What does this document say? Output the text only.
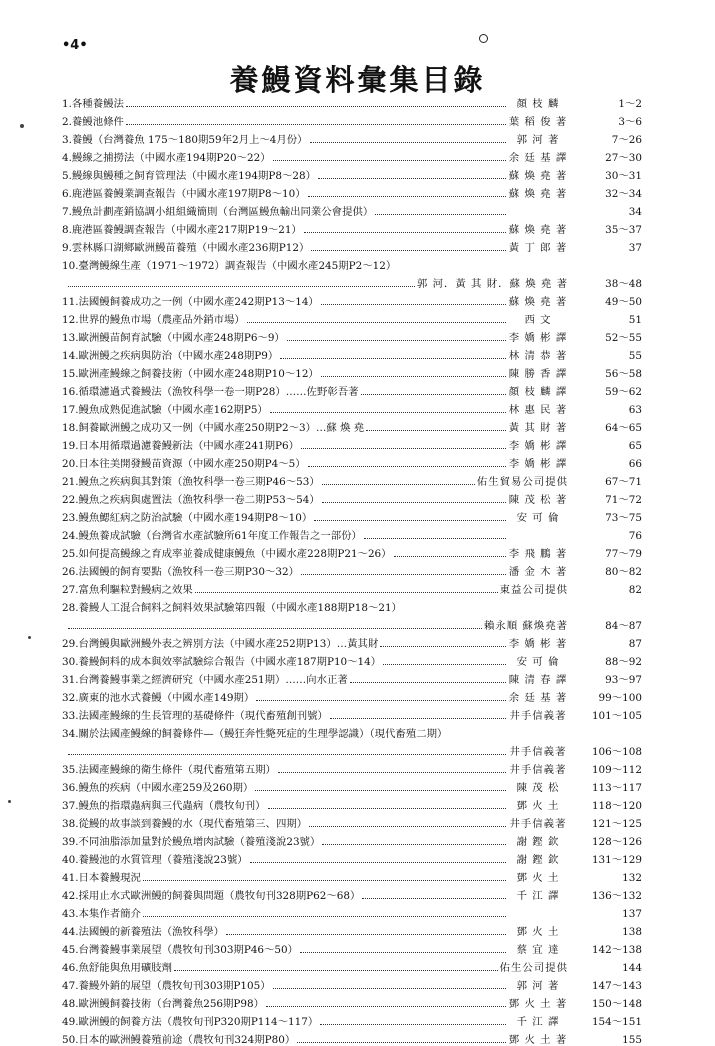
•4•
養鰻資料彙集目錄
1.各種養鰻法	顏 枝 麟	1～2
2.養鰻池條件	葉 稻 俊 著	3～6
3.養鰻（台灣養魚 175～180期59年2月上～4月份）	郭 河 著	7～26
4.鰻線之捕撈法（中國水產194期P20～22）	余 廷 基 譯	27～30
5.鰻線與鰻種之飼育管理法（中國水產194期P8～28）	蘇 煥 堯 著	30～31
6.鹿港區養鰻業調查報告（中國水產197期P8～10）	蘇 煥 堯 著	32～34
7.鰻魚計劃產銷協調小組組織簡則（台灣區鰻魚輸出同業公會提供）	34
8.鹿港區養鰻調查報告（中國水產217期P19～21）	蘇 煥 堯 著	35～37
9.雲林縣口湖鄉歐洲鰻苗養殖（中國水產236期P12）	黃 丁 郎 著	37
10.臺灣鰻線生產（1971～1972）調查報告（中國水產245期P2～12）
郭 河．黃 其 財．蘇 煥 堯 著	38～48
11.法國鰻飼養成功之一例（中國水產242期P13～14）	蘇 煥 堯 著	49～50
12.世界的鰻魚市場（農產品外銷市場）	西 文	51
13.歐洲鰻苗飼育試驗（中國水產248期P6～9）	李 嬌 彬 譯	52～55
14.歐洲鰻之疾病與防治（中國水產248期P9）	林 清 恭 著	55
15.歐洲產鰻線之飼養技術（中國水產248期P10～12）	陳 勝 香 譯	56～58
16.循環濾過式養鰻法（漁牧科學一卷一期P28）……佐野彰吾著	顏 枝 麟 譯	59～62
17.鰻魚成熟促進試驗（中國水產162期P5）	林 惠 民 著	63
18.飼養歐洲鰻之成功又一例（中國水產250期P2～3）…蘇 煥 堯	黃 其 財 著	64～65
19.日本用循環過濾養鰻新法（中國水產241期P6）	李 嬌 彬 譯	65
20.日本往美開發鰻苗資源（中國水產250期P4～5）	李 嬌 彬 譯	66
21.鰻魚之疾病與其對策（漁牧科學一卷三期P46～53）	佑生貿易公司提供	67～71
22.鰻魚之疾病與處置法（漁牧科學一卷二期P53～54）	陳 茂 松 著	71～72
23.鰻魚鰓紅病之防治試驗（中國水產194期P8～10）	安 可 倫	73～75
24.鰻魚養成試驗（台灣省水產試驗所61年度工作報告之一部份）	76
25.如何提高鰻線之育成率並養成健康鰻魚（中國水產228期P21～26）	李 飛 鵬 著	77～79
26.法國鰻的飼育要點（漁牧科一卷三期P30～32）	潘 金 木 著	80～82
27.富魚利驅粒對鰻病之效果	東益公司提供	82
28.養鰻人工混合飼料之飼料效果試驗第四報（中國水產188期P18～21）
賴永順 蘇煥堯著	84～87
29.台灣鰻與歐洲鰻外表之辨別方法（中國水產252期P13）…黃其財	李 嬌 彬 著	87
30.養鰻飼料的成本與效率試驗綜合報告（中國水產187期P10～14）	安 可 倫	88～92
31.台灣養鰻事業之經濟研究（中國水產251期）……向水正著	陳 清 春 譯	93～97
32.廣東的池水式養鰻（中國水產149期）	余 廷 基 著	99～100
33.法國產鰻線的生長管理的基礎條件（現代畜殖創刊號）	井手信義著	101～105
34.關於法國產鰻線的飼養條件—（鰻狂奔性斃死症的生理學認識）（現代畜殖二期）
井手信義著	106～108
35.法國產鰻線的衛生條件（現代畜殖第五期）	井手信義著	109～112
36.鰻魚的疾病（中國水產259及260期）	陳 茂 松	113～117
37.鰻魚的指環蟲病與三代蟲病（農牧旬刊）	鄧 火 土	118～120
38.從鰻的故事談到養鰻的水（現代畜殖第三、四期）	井手信義著	121～125
39.不同油脂添加量對於鰻魚增肉試驗（養殖淺說23號）	謝 鏗 欽	128～126
40.養鰻池的水質管理（養殖淺說23號）	謝 鏗 欽	131～129
41.日本養鰻現況	鄧 火 土	132
42.採用止水式歐洲鰻的飼養與問題（農牧旬刊328期P62～68）	千 江 譯	136～132
43.本集作者簡介	137
44.法國鰻的新養殖法（漁牧科學）	鄧 火 土	138
45.台灣養鰻事業展望（農牧旬刊303期P46～50）	蔡 宜 達	142～138
46.魚舒能與魚用礦肢劑	佑生公司提供	144
47.養鰻外銷的展望（農牧旬刊303期P105）	郭 河 著	147～143
48.歐洲鰻飼養技術（台灣養魚256期P98）	鄧 火 土 著	150～148
49.歐洲鰻的飼養方法（農牧旬刊P320期P114～117）	千 江 譯	154～151
50.日本的歐洲鰻養殖前途（農牧旬刊324期P80）	鄧 火 土 著	155
